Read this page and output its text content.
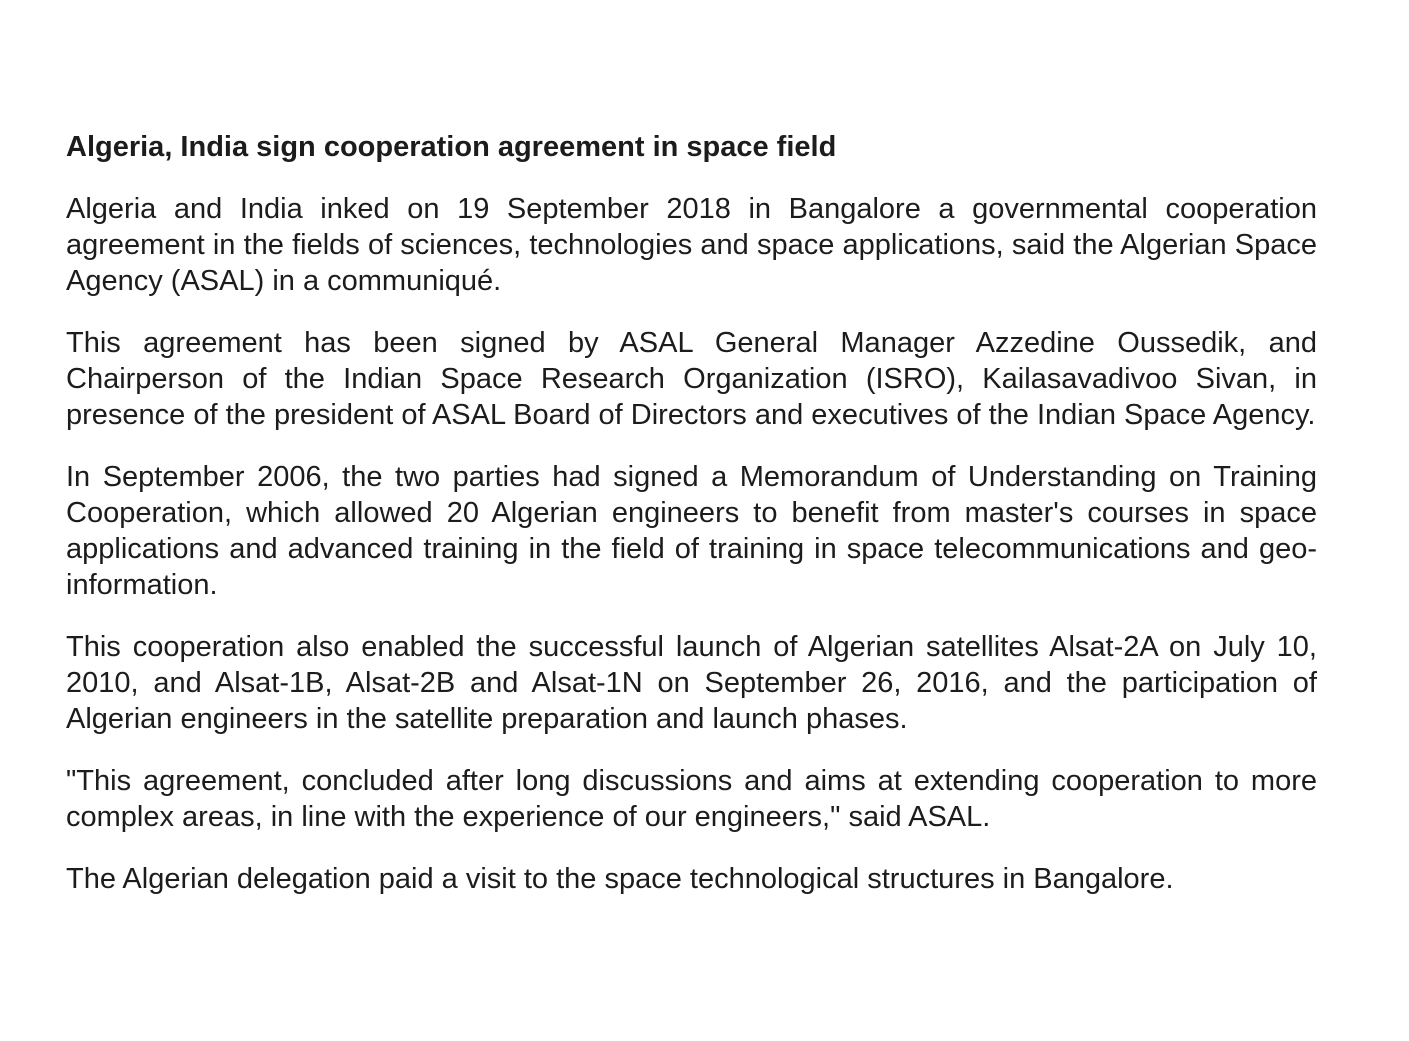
Algeria, India sign cooperation agreement in space field

Algeria and India inked on 19 September 2018 in Bangalore a governmental cooperation agreement in the fields of sciences, technologies and space applications, said the Algerian Space Agency (ASAL) in a communiqué.

This agreement has been signed by ASAL General Manager Azzedine Oussedik, and Chairperson of the Indian Space Research Organization (ISRO), Kailasavadivoo Sivan, in presence of the president of ASAL Board of Directors and executives of the Indian Space Agency.

In September 2006, the two parties had signed a Memorandum of Understanding on Training Cooperation, which allowed 20 Algerian engineers to benefit from master's courses in space applications and advanced training in the field of training in space telecommunications and geo-information.

This cooperation also enabled the successful launch of Algerian satellites Alsat-2A on July 10, 2010, and Alsat-1B, Alsat-2B and Alsat-1N on September 26, 2016, and the participation of Algerian engineers in the satellite preparation and launch phases.

"This agreement, concluded after long discussions and aims at extending cooperation to more complex areas, in line with the experience of our engineers," said ASAL.

The Algerian delegation paid a visit to the space technological structures in Bangalore.
